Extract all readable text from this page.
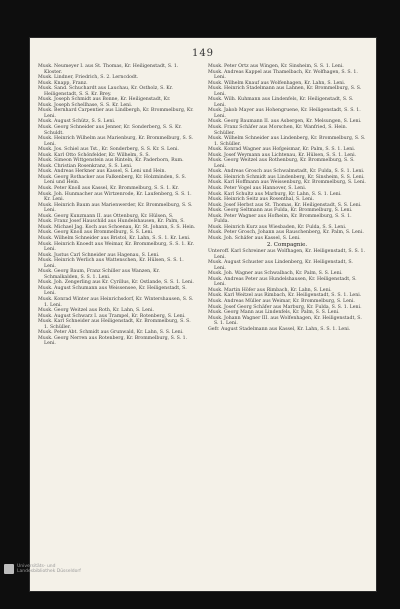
149

Musk. Neumeyer I. aus St. Thomas, Kr. Heiligenstadt, S. 1. Kloster.

Musk. Lindner, Friedrich, S. 2. Lerncdodt.

Musk. Knapp, Franz.

Musk. Sand. Schuchardt aus Lauchau, Kr. Ostholz, S. Kr. Heiligenstadt, S. S. Kr. Brey.

Musk. Joseph Schmidt aus Bonne, Kr. Heiligenstadt, Kr.

Musk. Joseph Schellhase, S. S. Kr. Leni.

Musk. Bernhard Carpentier aus Lindbergh, Kr. Brommelburg, Kr. Leni.

Musk. August Schütz, S. S. Leni.

Musk. Georg Schneider aus Jenner, Kr. Sonderberg, S. S. Kr. Schuldt.

Musk. Heinrich Wilhelm aus Marienburg, Kr. Brommelburg, S. S. Leni.

Musk. Jos. Schiel aus Tst., Kr. Sonderberg, S. S. Kr. S. Leni.

Musk. Karl Otto Schönfelder, Kr. Wilhelm, S. S.

Musk. Simeon Wittgenstein aus Rinteln, Kr. Paderborn, Rum.

Musk. Christian Rosenkranz, S. S. Leni.

Musk. Andreas Herkner aus Kassel, S. Leni und Hein.

Musk. Georg Rothacker aus Falkenberg, Kr. Holzminden, S. S. Leni und Hein.

Musk. Peter Knoll aus Kassel, Kr. Brommelburg, S. S. 1. Kr.

Musk. Joh. Hunmacher aus Wirtzenrode, Kr. Laufenberg, S. S. 1. Kr. Leni.

Musk. Heinrich Baum aus Marienwerder, Kr. Brommelburg, S. S. Leni.

Musk. Georg Kunzmann II. aus Ottenburg, Kr. Hülsen, S.

Musk. Franz Josef Hauschild aus Hundelshausen, Kr. Palm, S.

Musk. Michael Jag. Koch aus Schoenau, Kr. St. Johann, S. S. Hein.

Musk. Georg Knoll aus Brommelburg, S. S. Leni.

Musk. Wilhelm Schneider aus Bristol, Kr. Lahn, S. S. 1. Kr. Leni.

Musk. Heinrich Knoedt aus Weimar, Kr. Brommelburg, S. S. 1. Kr. Leni.

Musk. Justus Carl Schneider aus Hagenau, S. Leni.

Musk. Heinrich Werlich aus Wattenschen, Kr. Hülsen, S. S. 1. Leni.

Musk. Georg Baum, Franz Schiller aus Wanzen, Kr. Schmalkalden, S. S. 1. Leni.

Musk. Joh. Zengerling aus Kr. Cyrillus, Kr. Ostlande, S. S. 1. Leni.

Musk. August Schumann aus Weissensee, Kr. Heiligenstadt, S. Leni.

Musk. Konrad Winter aus Heinrichsdorf, Kr. Wintershausen, S. S. 1. Leni.

Musk. Georg Weitzel aus Roth, Kr. Lahn, S. Leni.

Musk. August Schwarz I. aus Trampel, Kr. Rotenberg, S. Leni.

Musk. Karl Schneider aus Heiligenstadt, Kr. Brommelburg, S. S. 1. Schüller.

Musk. Peter Abt. Schmidt aus Grunwald, Kr. Lahn, S. S. Leni.

Musk. Georg Nerren aus Rotenberg, Kr. Brommelburg, S. S. 1. Leni.

Musk. Peter Ortz aus Wingen, Kr. Sinsheim, S. S. 1. Leni.

Musk. Andreas Kappel aus Thamelbach, Kr. Wolfhagen, S. S. 1. Leni.

Musk. Wilhelm Knauf aus Wolfenhagen, Kr. Lahn, S. Leni.

Musk. Heinrich Stadelmann aus Lahnen, Kr. Brommelburg, S. S. Leni.

Musk. Wilh. Kuhmann aus Lindenfels, Kr. Heiligenstadt, S. S. Leni.

Musk. Jakob Mayer aus Hohengruene, Kr. Heiligenstadt, S. S. 1. Leni.

Musk. Georg Baumann II. aus Asbergen, Kr. Melsungen, S. Leni.

Musk. Franz Schäfer aus Morschen, Kr. Wanfried, S. Hein. Schüller.

Musk. Wilhelm Schneider aus Lindenberg, Kr. Brommelburg, S. S. 1. Schüller.

Musk. Konrad Wagner aus Hofgeismar, Kr. Palm, S. S. 1. Leni.

Musk. Josef Weymann aus Lichtenau, Kr. Hülsen, S. S. 1. Leni.

Musk. Georg Weitzel aus Rothenburg, Kr. Brommelburg, S. S. Leni.

Musk. Andreas Grosch aus Schwalmstadt, Kr. Fulda, S. S. 1. Leni.

Musk. Heinrich Schmidt aus Lindenberg, Kr. Sinsheim, S. S. Leni.

Musk. Karl Hoffmann aus Weissenburg, Kr. Brommelburg, S. Leni.

Musk. Peter Vogel aus Hannover, S. Leni.

Musk. Karl Schultz aus Marburg, Kr. Lahn, S. S. 1. Leni.

Musk. Heinrich Seitz aus Rosenthal, S. Leni.

Musk. Josef Herbst aus St. Thomas, Kr. Heiligenstadt, S. S. Leni.

Musk. Georg Seltmann aus Fulda, Kr. Brommelburg, S. Leni.

Musk. Peter Wagner aus Hofheim, Kr. Brommelburg, S. S. 1. Fulda.

Musk. Heinrich Kurz aus Wiesbaden, Kr. Fulda, S. S. Leni.

Musk. Peter Grosch, Johann aus Rauschenberg, Kr. Palm, S. Leni.

Musk. Joh. Schäfer aus Kassel, S. Leni.

2. Compagnie.

Unteroff. Karl Schreiner aus Wolfhagen, Kr. Heiligenstadt, S. S. 1. Leni.

Musk. August Schuster aus Lindenberg, Kr. Heiligenstadt, S. Leni.

Musk. Joh. Wagner aus Schwalbach, Kr. Palm, S. S. Leni.

Musk. Andreas Peter aus Hundelshausen, Kr. Heiligenstadt, S. Leni.

Musk. Martin Höfer aus Rimbach, Kr. Lahn, S. Leni.

Musk. Karl Weitzel aus Rimbach, Kr. Heiligenstadt, S. S. 1. Leni.

Musk. Andreas Müller aus Weimar, Kr. Brommelburg, S. Leni.

Musk. Josef Georg Schäfer aus Marburg, Kr. Fulda, S. S. 1. Leni.

Musk. Georg Mann aus Lindenfels, Kr. Palm, S. S. Leni.

Musk. Johann Wagner III. aus Wolfenhagen, Kr. Heiligenstadt, S. S. 1. Leni.

Gefr. August Stadelmann aus Kassel, Kr. Lahn, S. S. 1. Leni.

Universitäts- und
Landesbibliothek Düsseldorf
